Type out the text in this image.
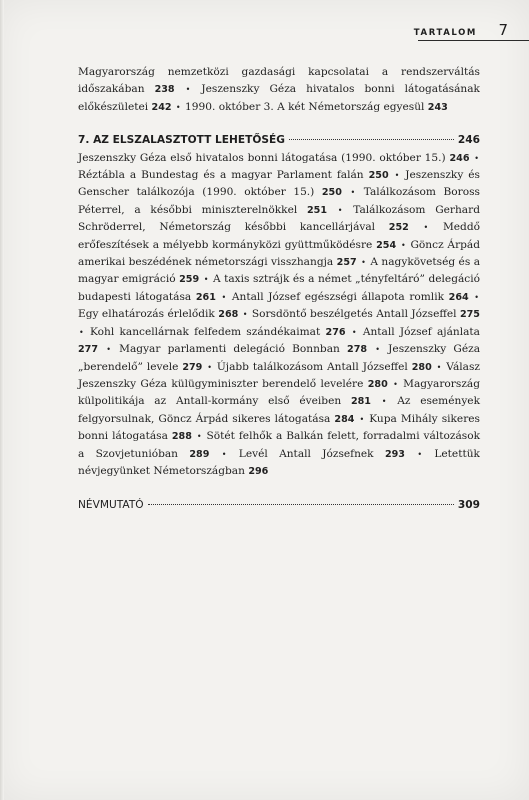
TARTALOM 7

Magyarország nemzetközi gazdasági kapcsolatai a rendszerváltás időszakában 238 • Jeszenszky Géza hivatalos bonni látogatásának előkészületei 242 • 1990. október 3. A két Németország egyesül 243

7. AZ ELSZALASZTOTT LEHETŐSÉG	246

Jeszenszky Géza első hivatalos bonni látogatása (1990. október 15.) 246 • Réztábla a Bundestag és a magyar Parlament falán 250 • Jeszenszky és Genscher találkozója (1990. október 15.) 250 • Találkozásom Boross Péterrel, a későbbi miniszterelnökkel 251 • Találkozásom Gerhard Schröderrel, Németország későbbi kancellárjával 252 • Meddő erőfeszítések a mélyebb kormányközi gyüttműködésre 254 • Göncz Árpád amerikai beszédének németországi visszhangja 257 • A nagykövetség és a magyar emigráció 259 • A taxis sztrájk és a német „tényfeltáró” delegáció budapesti látogatása 261 • Antall József egészségi állapota romlik 264 • Egy elhatározás érlelődik 268 • Sorsdöntő beszélgetés Antall Józseffel 275 • Kohl kancellárnak felfedem szándékaimat 276 • Antall József ajánlata 277 • Magyar parlamenti delegáció Bonnban 278 • Jeszenszky Géza „berendelő” levele 279 • Újabb találkozásom Antall Józseffel 280 • Válasz Jeszenszky Géza külügyminiszter berendelő levelére 280 • Magyarország külpolitikája az Antall-kormány első éveiben 281 • Az események felgyorsulnak, Göncz Árpád sikeres látogatása 284 • Kupa Mihály sikeres bonni látogatása 288 • Sötét felhők a Balkán felett, forradalmi változások a Szovjetunióban 289 • Levél Antall Józsefnek 293 • Letettük névjegyünket Németországban 296

NÉVMUTATÓ	309
